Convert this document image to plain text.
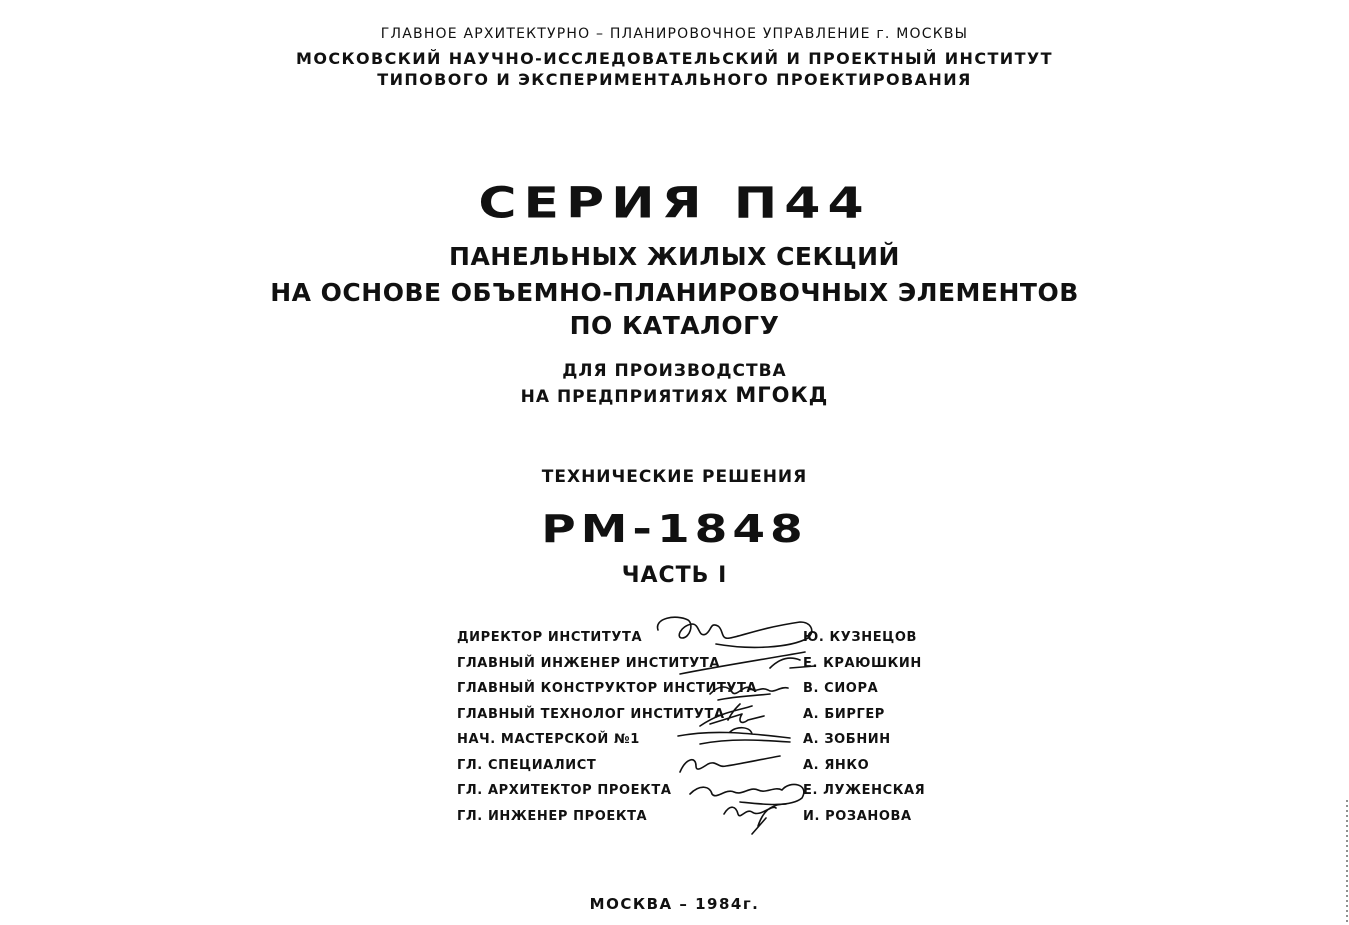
ГЛАВНОЕ АРХИТЕКТУРНО – ПЛАНИРОВОЧНОЕ УПРАВЛЕНИЕ г. МОСКВЫ
МОСКОВСКИЙ НАУЧНО-ИССЛЕДОВАТЕЛЬСКИЙ И ПРОЕКТНЫЙ ИНСТИТУТ
ТИПОВОГО И ЭКСПЕРИМЕНТАЛЬНОГО ПРОЕКТИРОВАНИЯ
СЕРИЯ П44
ПАНЕЛЬНЫХ ЖИЛЫХ СЕКЦИЙ
НА ОСНОВЕ ОБЪЕМНО-ПЛАНИРОВОЧНЫХ ЭЛЕМЕНТОВ
ПО КАТАЛОГУ
ДЛЯ ПРОИЗВОДСТВА
НА ПРЕДПРИЯТИЯХ МГОКД
ТЕХНИЧЕСКИЕ РЕШЕНИЯ
РМ-1848
ЧАСТЬ I
ДИРЕКТОР ИНСТИТУТА	Ю. КУЗНЕЦОВ
ГЛАВНЫЙ ИНЖЕНЕР ИНСТИТУТА	Е. КРАЮШКИН
ГЛАВНЫЙ КОНСТРУКТОР ИНСТИТУТА	В. СИОРА
ГЛАВНЫЙ ТЕХНОЛОГ ИНСТИТУТА	А. БИРГЕР
НАЧ. МАСТЕРСКОЙ №1	А. ЗОБНИН
ГЛ. СПЕЦИАЛИСТ	А. ЯНКО
ГЛ. АРХИТЕКТОР ПРОЕКТА	Е. ЛУЖЕНСКАЯ
ГЛ. ИНЖЕНЕР ПРОЕКТА	И. РОЗАНОВА
МОСКВА – 1984г.
